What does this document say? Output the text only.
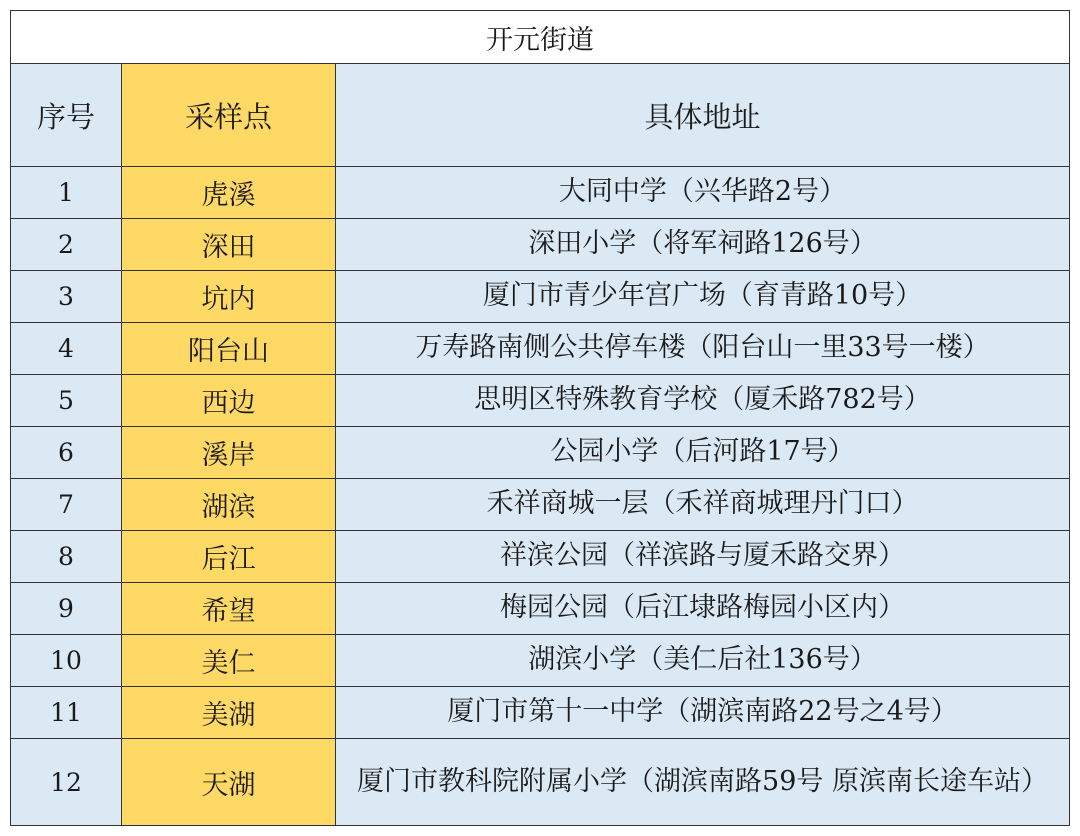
开元街道		
序号	采样点	具体地址
1	虎溪	大同中学（兴华路2号）
2	深田	深田小学（将军祠路126号）
3	坑内	厦门市青少年宫广场（育青路10号）
4	阳台山	万寿路南侧公共停车楼（阳台山一里33号一楼）
5	西边	思明区特殊教育学校（厦禾路782号）
6	溪岸	公园小学（后河路17号）
7	湖滨	禾祥商城一层（禾祥商城理丹门口）
8	后江	祥滨公园（祥滨路与厦禾路交界）
9	希望	梅园公园（后江埭路梅园小区内）
10	美仁	湖滨小学（美仁后社136号）
11	美湖	厦门市第十一中学（湖滨南路22号之4号）
12	天湖	厦门市教科院附属小学（湖滨南路59号 原滨南长途车站）
